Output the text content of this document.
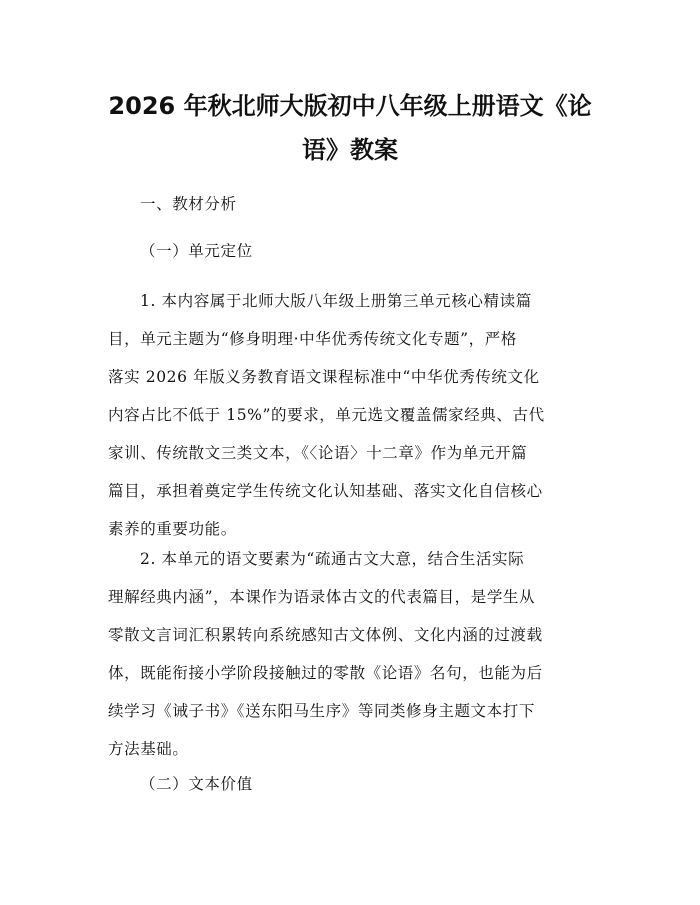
2026 年秋北师大版初中八年级上册语文《论
语》教案
一、教材分析
（一）单元定位
1. 本内容属于北师大版八年级上册第三单元核心精读篇
目，单元主题为“修身明理·中华优秀传统文化专题”，严格
落实 2026 年版义务教育语文课程标准中“中华优秀传统文化
内容占比不低于 15%”的要求，单元选文覆盖儒家经典、古代
家训、传统散文三类文本，《〈论语〉十二章》作为单元开篇
篇目，承担着奠定学生传统文化认知基础、落实文化自信核心
素养的重要功能。
2. 本单元的语文要素为“疏通古文大意，结合生活实际
理解经典内涵”，本课作为语录体古文的代表篇目，是学生从
零散文言词汇积累转向系统感知古文体例、文化内涵的过渡载
体，既能衔接小学阶段接触过的零散《论语》名句，也能为后
续学习《诫子书》《送东阳马生序》等同类修身主题文本打下
方法基础。
（二）文本价值
